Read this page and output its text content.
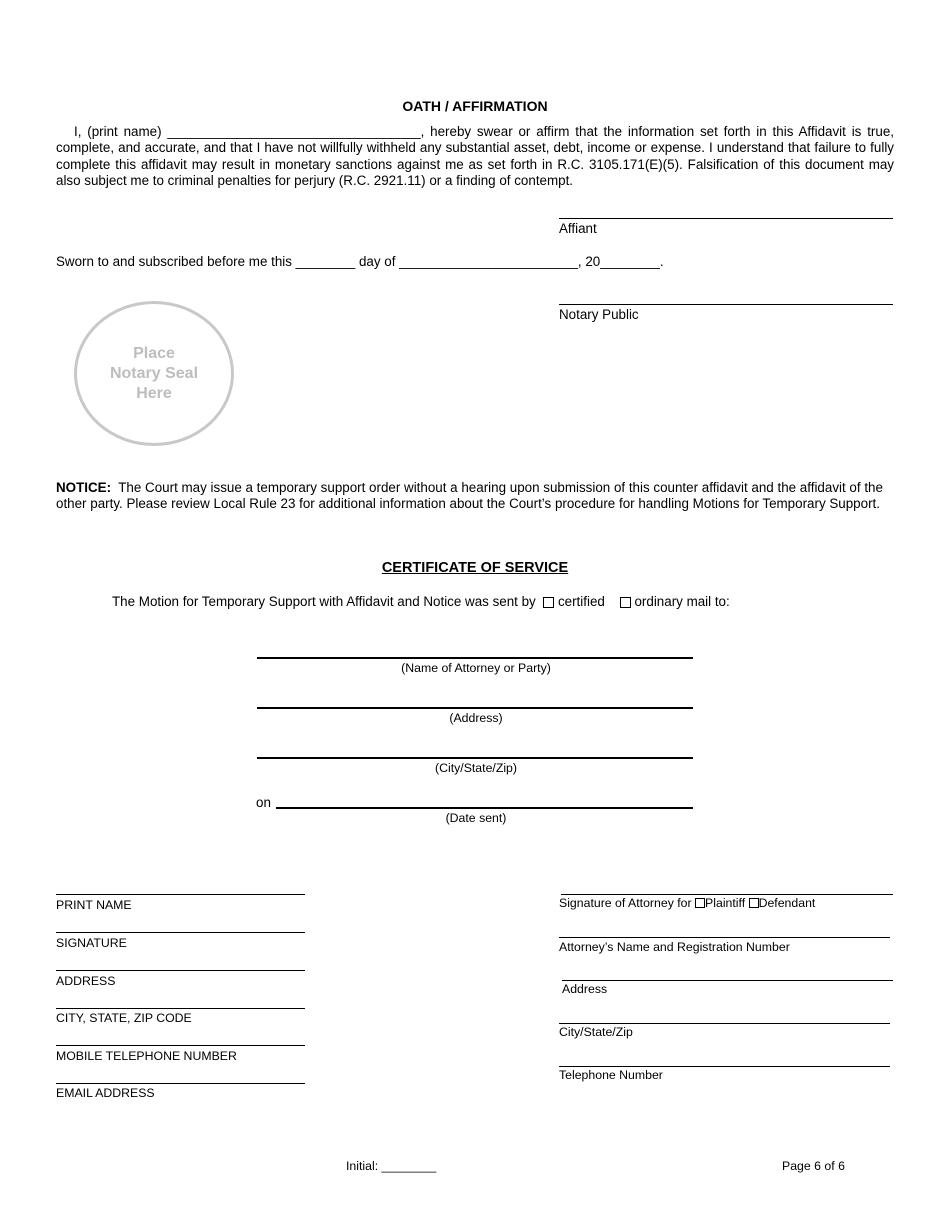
OATH / AFFIRMATION
I, (print name) __________________________________, hereby swear or affirm that the information set forth in this Affidavit is true, complete, and accurate, and that I have not willfully withheld any substantial asset, debt, income or expense. I understand that failure to fully complete this affidavit may result in monetary sanctions against me as set forth in R.C. 3105.171(E)(5). Falsification of this document may also subject me to criminal penalties for perjury (R.C. 2921.11) or a finding of contempt.
Affiant
Sworn to and subscribed before me this ________ day of ________________________, 20________.
Notary Public
Place
Notary Seal
Here
NOTICE: The Court may issue a temporary support order without a hearing upon submission of this counter affidavit and the affidavit of the other party. Please review Local Rule 23 for additional information about the Court’s procedure for handling Motions for Temporary Support.
CERTIFICATE OF SERVICE
The Motion for Temporary Support with Affidavit and Notice was sent by certified ordinary mail to:
(Name of Attorney or Party)
(Address)
(City/State/Zip)
on
(Date sent)
PRINT NAME
SIGNATURE
ADDRESS
CITY, STATE, ZIP CODE
MOBILE TELEPHONE NUMBER
EMAIL ADDRESS
Signature of Attorney for Plaintiff Defendant
Attorney’s Name and Registration Number
Address
City/State/Zip
Telephone Number
Initial: ________	Page 6 of 6
